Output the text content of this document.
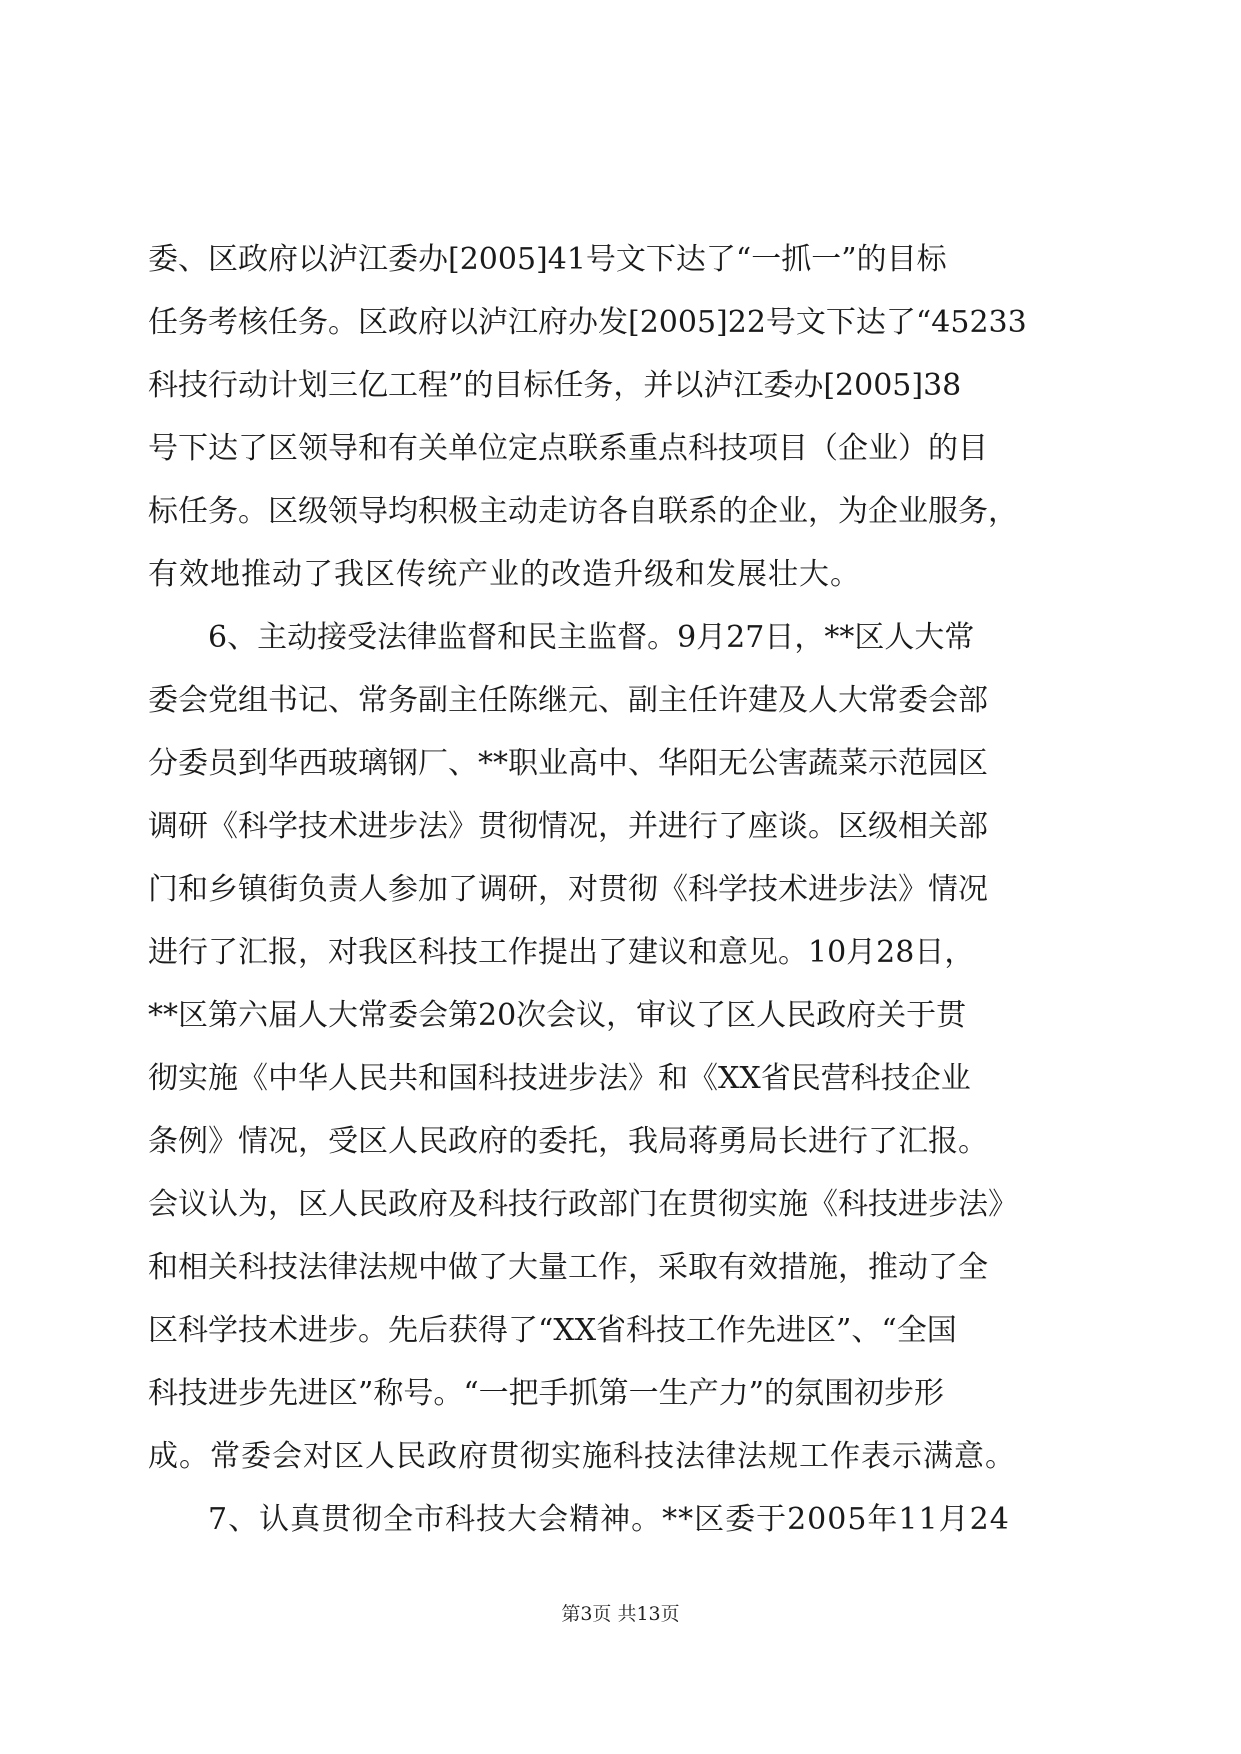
委、区政府以泸江委办[2005]41号文下达了“一抓一”的目标
任务考核任务。区政府以泸江府办发[2005]22号文下达了“45233
科技行动计划三亿工程”的目标任务，并以泸江委办[2005]38
号下达了区领导和有关单位定点联系重点科技项目（企业）的目
标任务。区级领导均积极主动走访各自联系的企业，为企业服务，
有效地推动了我区传统产业的改造升级和发展壮大。
6、主动接受法律监督和民主监督。9月27日，**区人大常
委会党组书记、常务副主任陈继元、副主任许建及人大常委会部
分委员到华西玻璃钢厂、**职业高中、华阳无公害蔬菜示范园区
调研《科学技术进步法》贯彻情况，并进行了座谈。区级相关部
门和乡镇街负责人参加了调研，对贯彻《科学技术进步法》情况
进行了汇报，对我区科技工作提出了建议和意见。10月28日，
**区第六届人大常委会第20次会议，审议了区人民政府关于贯
彻实施《中华人民共和国科技进步法》和《XX省民营科技企业
条例》情况，受区人民政府的委托，我局蒋勇局长进行了汇报。
会议认为，区人民政府及科技行政部门在贯彻实施《科技进步法》
和相关科技法律法规中做了大量工作，采取有效措施，推动了全
区科学技术进步。先后获得了“XX省科技工作先进区”、“全国
科技进步先进区”称号。“一把手抓第一生产力”的氛围初步形
成。常委会对区人民政府贯彻实施科技法律法规工作表示满意。
7、认真贯彻全市科技大会精神。**区委于2005年11月24
第3页 共13页
